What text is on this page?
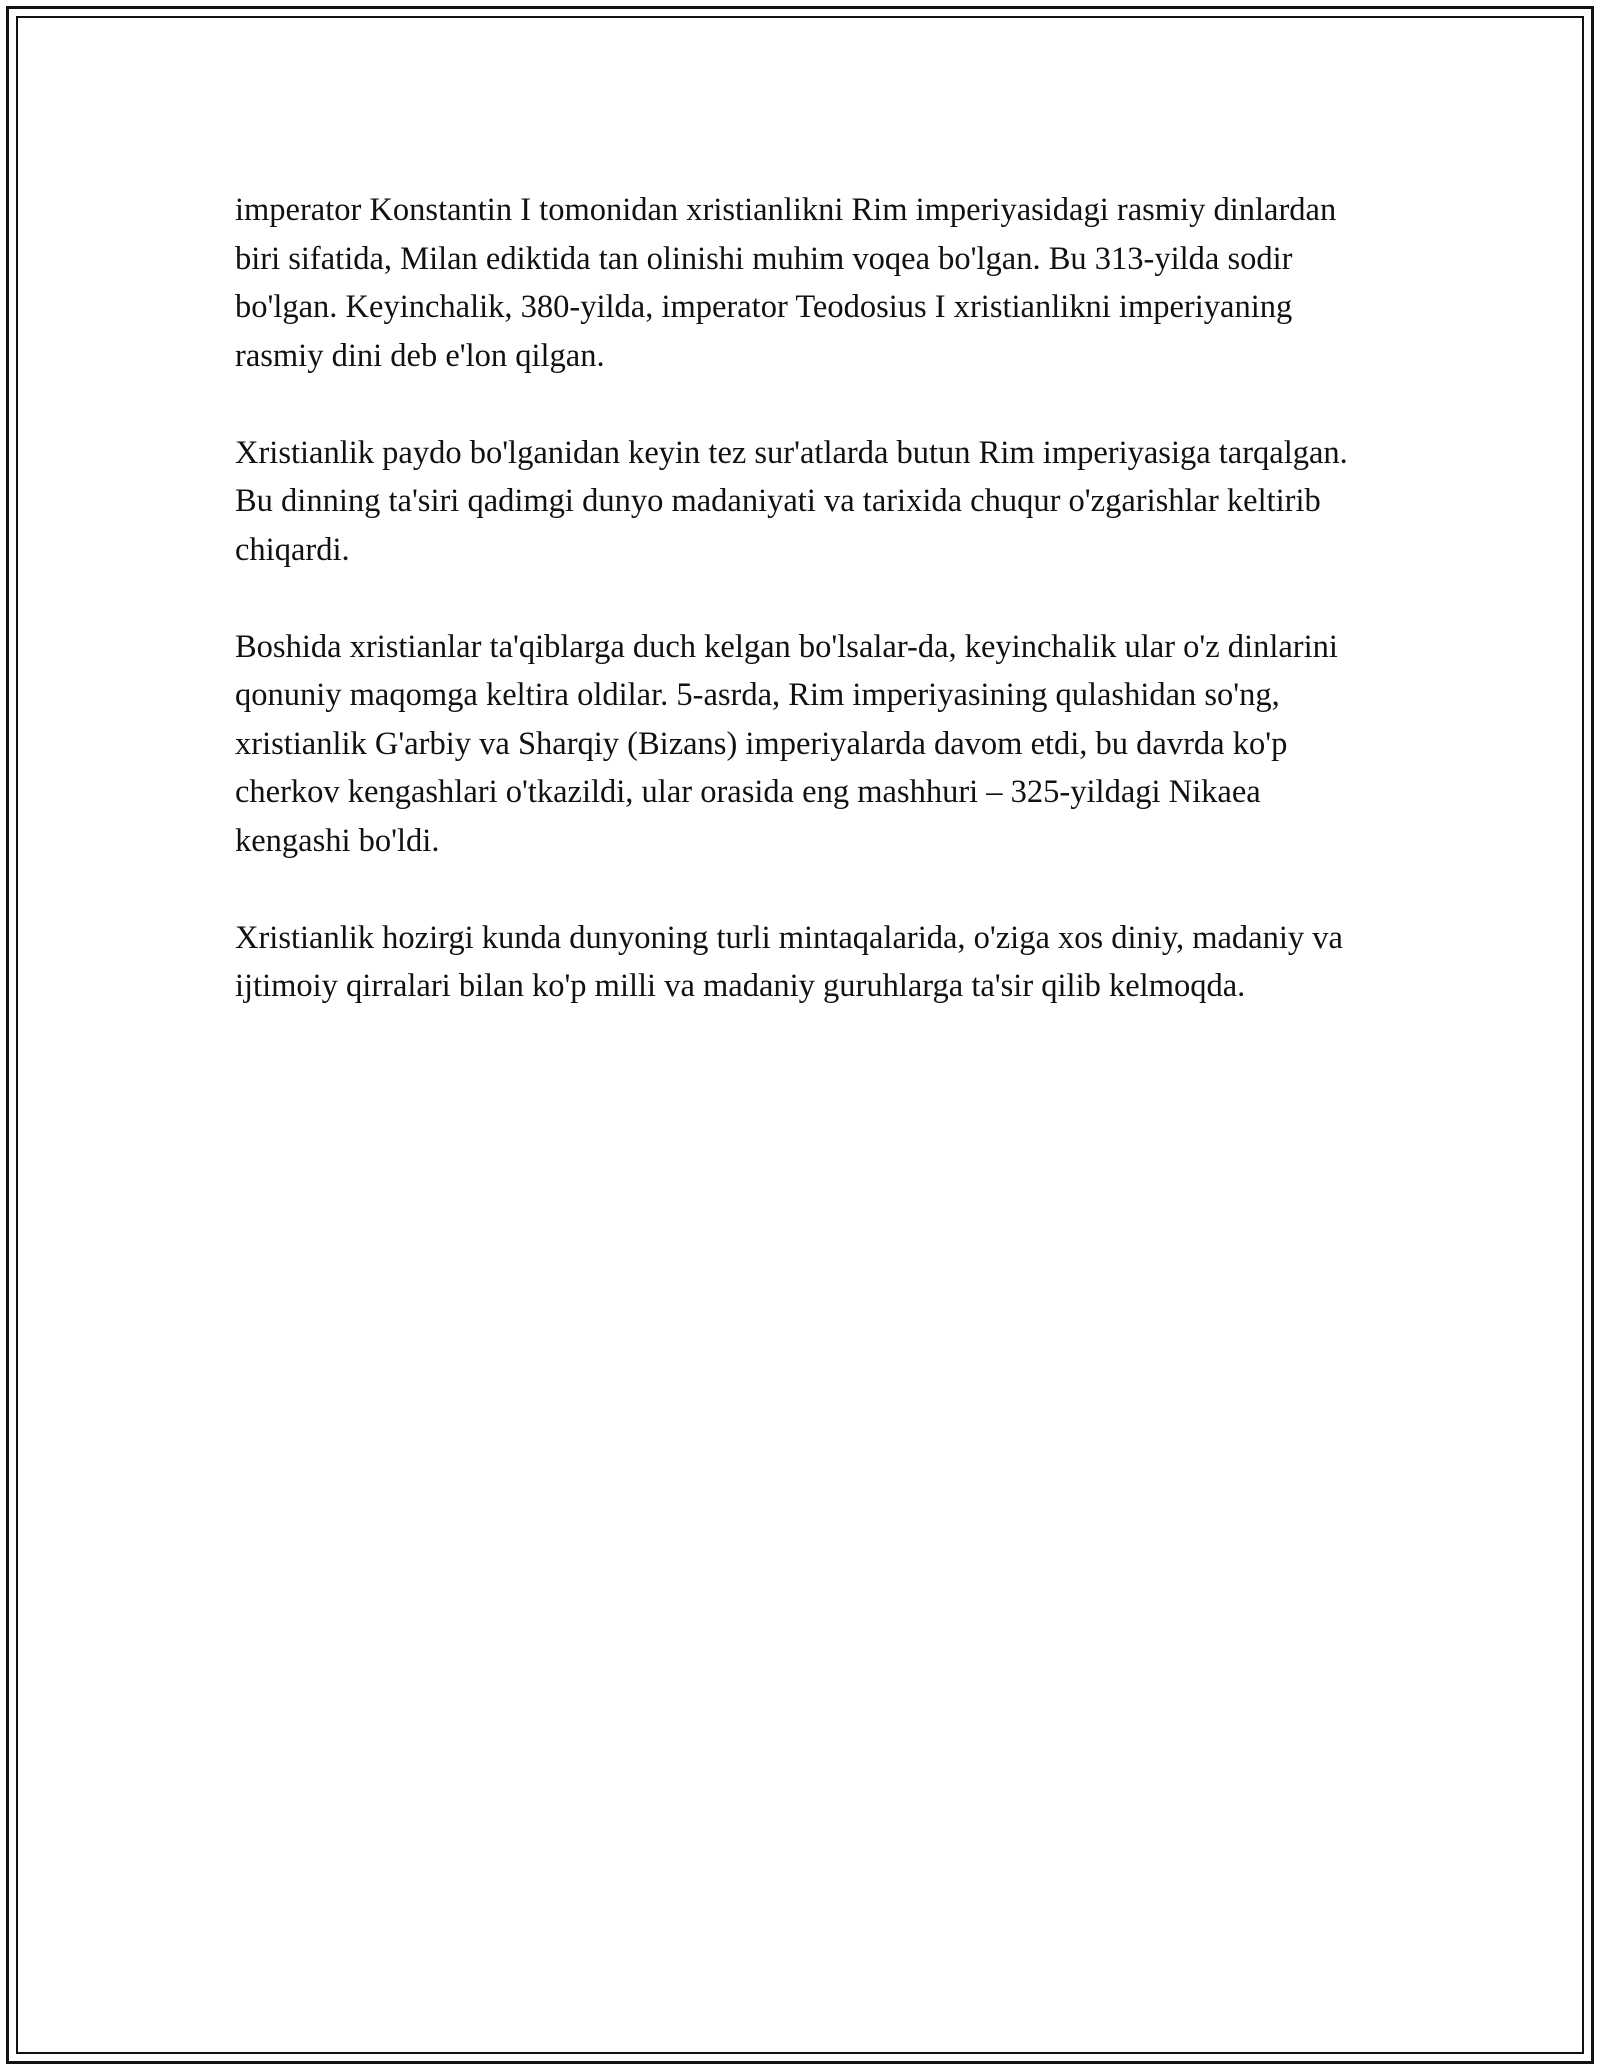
imperator Konstantin I tomonidan xristianlikni Rim imperiyasidagi rasmiy dinlardan biri sifatida, Milan ediktida tan olinishi muhim voqea bo'lgan. Bu 313-yilda sodir bo'lgan. Keyinchalik, 380-yilda, imperator Teodosius I xristianlikni imperiyaning rasmiy dini deb e'lon qilgan.

Xristianlik paydo bo'lganidan keyin tez sur'atlarda butun Rim imperiyasiga tarqalgan. Bu dinning ta'siri qadimgi dunyo madaniyati va tarixida chuqur o'zgarishlar keltirib chiqardi.

Boshida xristianlar ta'qiblarga duch kelgan bo'lsalar-da, keyinchalik ular o'z dinlarini qonuniy maqomga keltira oldilar. 5-asrda, Rim imperiyasining qulashidan so'ng, xristianlik G'arbiy va Sharqiy (Bizans) imperiyalarda davom etdi, bu davrda ko'p cherkov kengashlari o'tkazildi, ular orasida eng mashhuri – 325-yildagi Nikaea kengashi bo'ldi.

Xristianlik hozirgi kunda dunyoning turli mintaqalarida, o'ziga xos diniy, madaniy va ijtimoiy qirralari bilan ko'p milli va madaniy guruhlarga ta'sir qilib kelmoqda.
